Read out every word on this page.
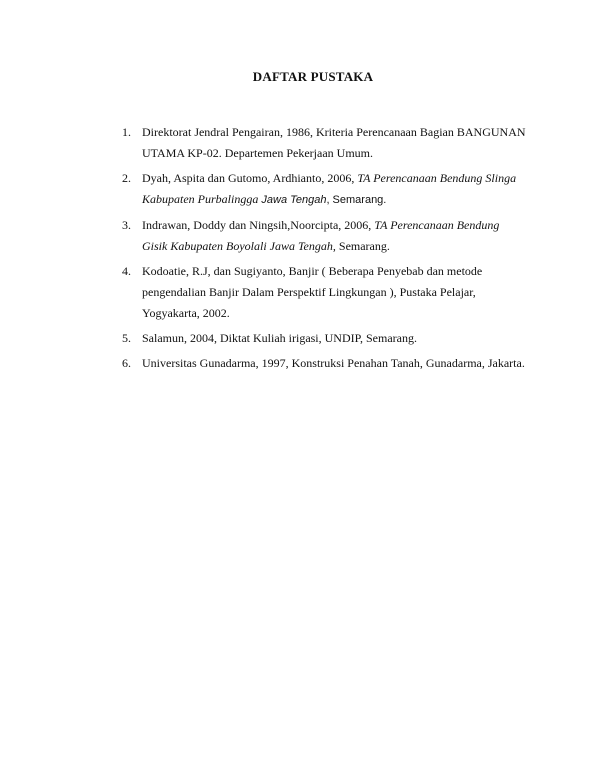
DAFTAR PUSTAKA
1. Direktorat Jendral Pengairan, 1986, Kriteria Perencanaan Bagian BANGUNAN
UTAMA KP-02. Departemen Pekerjaan Umum.
2. Dyah, Aspita dan Gutomo, Ardhianto, 2006, TA Perencanaan Bendung Slinga
Kabupaten Purbalingga Jawa Tengah, Semarang.
3. Indrawan, Doddy dan Ningsih,Noorcipta, 2006, TA Perencanaan Bendung
Gisik Kabupaten Boyolali Jawa Tengah, Semarang.
4. Kodoatie, R.J, dan Sugiyanto, Banjir ( Beberapa Penyebab dan metode
pengendalian Banjir Dalam Perspektif Lingkungan ), Pustaka Pelajar,
Yogyakarta, 2002.
5. Salamun, 2004, Diktat Kuliah irigasi, UNDIP, Semarang.
6. Universitas Gunadarma, 1997, Konstruksi Penahan Tanah, Gunadarma, Jakarta.
